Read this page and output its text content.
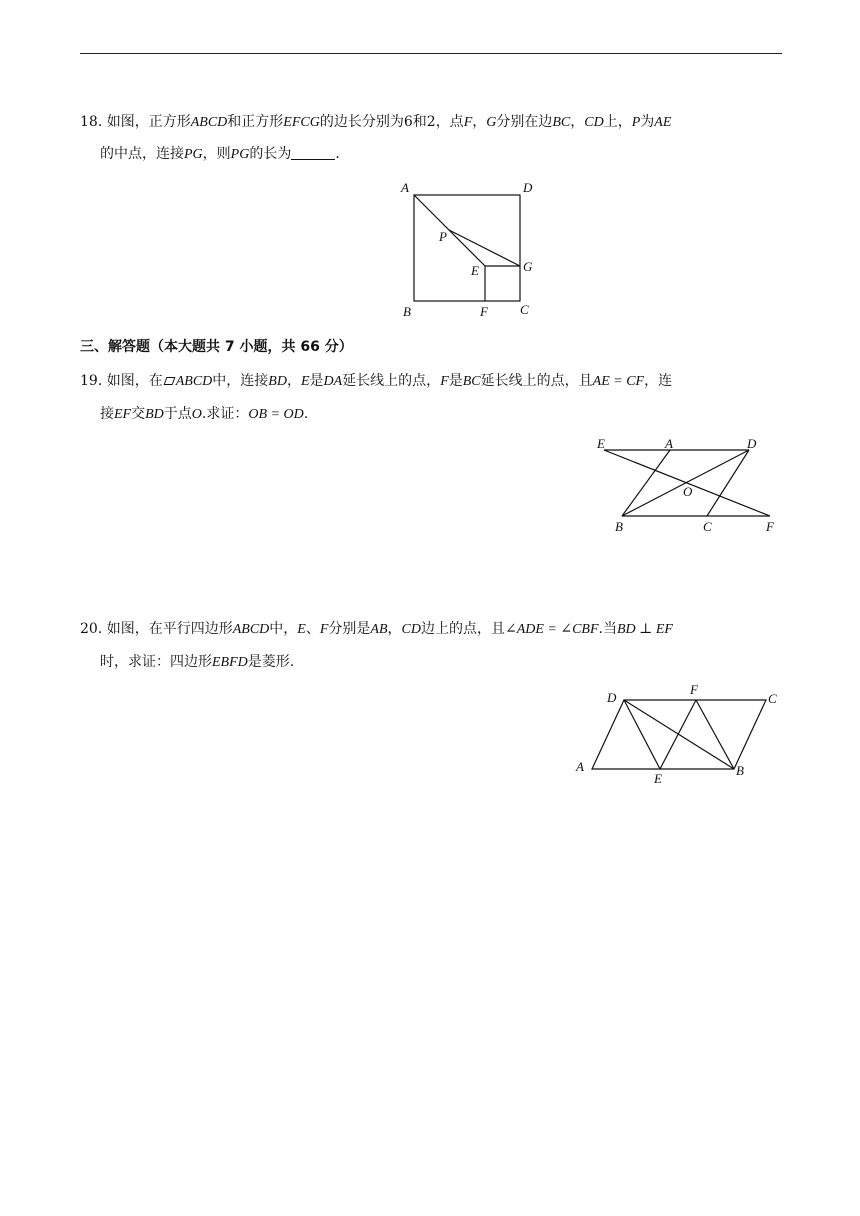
18. 如图，正方形ABCD和正方形EFCG的边长分别为6和2，点F，G分别在边BC，CD上，P为AE
的中点，连接PG，则PG的长为	．
A	D
P
E	G
B	F C
三、解答题（本大题共 7 小题，共 66 分）
19. 如图，在 ABCD中，连接BD，E是DA延长线上的点，F是BC延长线上的点，且AE = CF，连
接EF交BD于点O.求证：OB = OD.
E	A	D
O
B	C	F
20. 如图，在平行四边形ABCD中，E、F分别是AB，CD边上的点，且∠ADE = ∠CBF.当BD ⊥ EF
时，求证：四边形EBFD是菱形.
D
F
C
A
E
B
